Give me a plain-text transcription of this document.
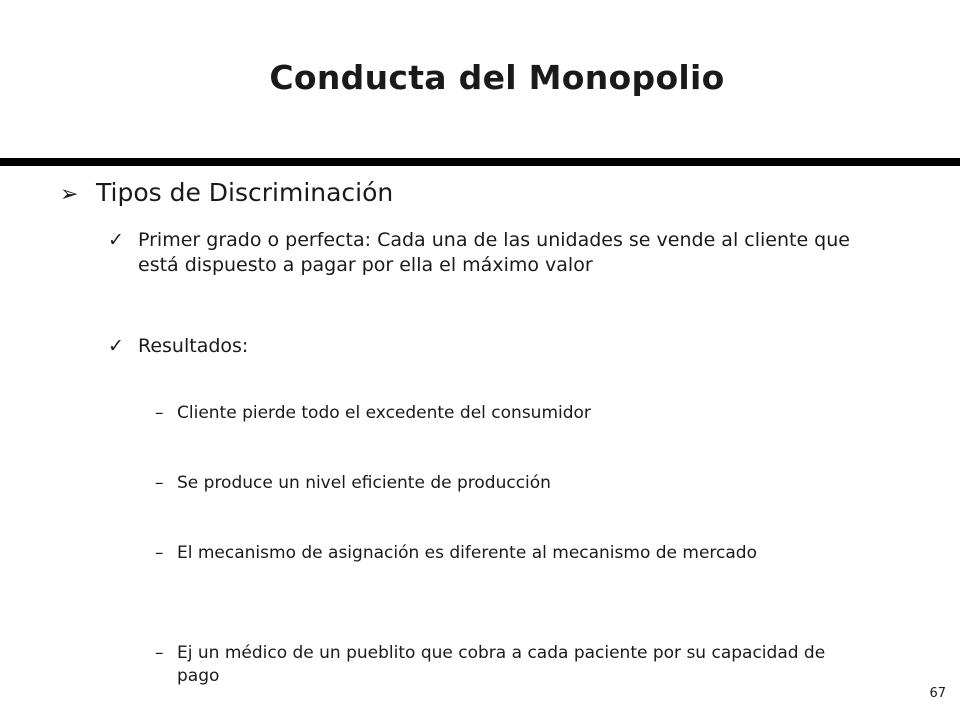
Conducta del Monopolio
➢ Tipos de Discriminación
✓ Primer grado o perfecta: Cada una de las unidades se vende al cliente que está dispuesto a pagar por ella el máximo valor
✓ Resultados:
– Cliente pierde todo el excedente del consumidor
– Se produce un nivel eficiente de producción
– El mecanismo de asignación es diferente al mecanismo de mercado
– Ej un médico de un pueblito que cobra a cada paciente por su capacidad de pago
67
